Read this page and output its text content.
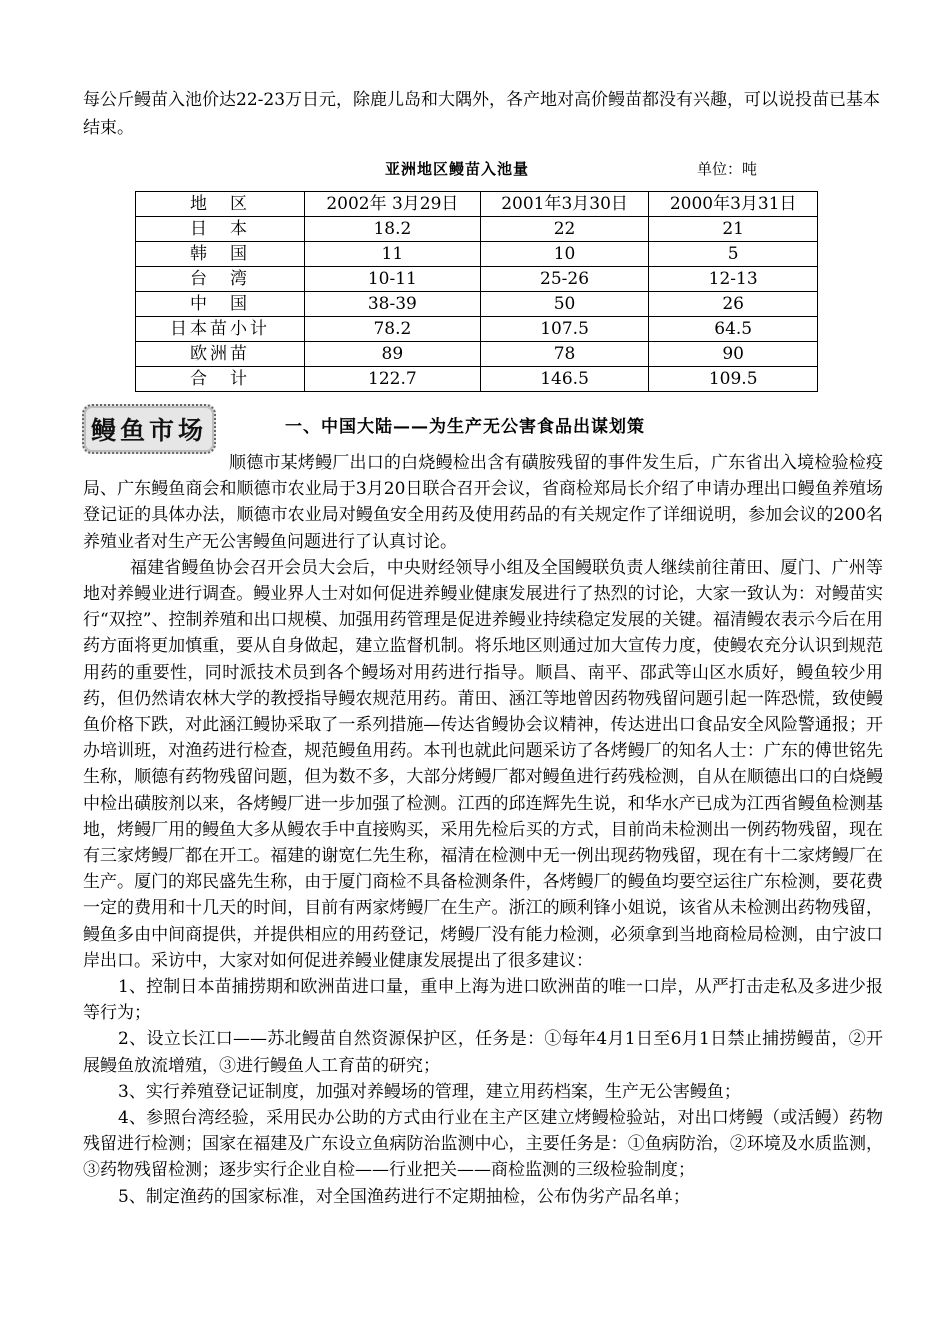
每公斤鳗苗入池价达22-23万日元，除鹿儿岛和大隅外，各产地对高价鳗苗都没有兴趣，可以说投苗已基本结束。

亚洲地区鳗苗入池量	单位：吨
地　区	2002年 3月29日	2001年3月30日	2000年3月31日
日　本	18.2	22	21
韩　国	11	10	5
台　湾	10-11	25-26	12-13
中　国	38-39	50	26
日本苗小计	78.2	107.5	64.5
欧洲苗	89	78	90
合　计	122.7	146.5	109.5
鳗鱼市场	一、中国大陆——为生产无公害食品出谋划策

顺德市某烤鳗厂出口的白烧鳗检出含有磺胺残留的事件发生后，广东省出入境检验检疫局、广东鳗鱼商会和顺德市农业局于3月20日联合召开会议，省商检郑局长介绍了申请办理出口鳗鱼养殖场登记证的具体办法，顺德市农业局对鳗鱼安全用药及使用药品的有关规定作了详细说明，参加会议的200名养殖业者对生产无公害鳗鱼问题进行了认真讨论。

福建省鳗鱼协会召开会员大会后，中央财经领导小组及全国鳗联负责人继续前往莆田、厦门、广州等地对养鳗业进行调查。鳗业界人士对如何促进养鳗业健康发展进行了热烈的讨论，大家一致认为：对鳗苗实行“双控”、控制养殖和出口规模、加强用药管理是促进养鳗业持续稳定发展的关键。福清鳗农表示今后在用药方面将更加慎重，要从自身做起，建立监督机制。将乐地区则通过加大宣传力度，使鳗农充分认识到规范用药的重要性，同时派技术员到各个鳗场对用药进行指导。顺昌、南平、邵武等山区水质好，鳗鱼较少用药，但仍然请农林大学的教授指导鳗农规范用药。莆田、涵江等地曾因药物残留问题引起一阵恐慌，致使鳗鱼价格下跌，对此涵江鳗协采取了一系列措施—传达省鳗协会议精神，传达进出口食品安全风险警通报；开办培训班，对渔药进行检查，规范鳗鱼用药。本刊也就此问题采访了各烤鳗厂的知名人士：广东的傅世铭先生称，顺德有药物残留问题，但为数不多，大部分烤鳗厂都对鳗鱼进行药残检测，自从在顺德出口的白烧鳗中检出磺胺剂以来，各烤鳗厂进一步加强了检测。江西的邱连辉先生说，和华水产已成为江西省鳗鱼检测基地，烤鳗厂用的鳗鱼大多从鳗农手中直接购买，采用先检后买的方式，目前尚未检测出一例药物残留，现在有三家烤鳗厂都在开工。福建的谢宽仁先生称，福清在检测中无一例出现药物残留，现在有十二家烤鳗厂在生产。厦门的郑民盛先生称，由于厦门商检不具备检测条件，各烤鳗厂的鳗鱼均要空运往广东检测，要花费一定的费用和十几天的时间，目前有两家烤鳗厂在生产。浙江的顾利锋小姐说，该省从未检测出药物残留，鳗鱼多由中间商提供，并提供相应的用药登记，烤鳗厂没有能力检测，必须拿到当地商检局检测，由宁波口岸出口。采访中，大家对如何促进养鳗业健康发展提出了很多建议：

1、控制日本苗捕捞期和欧洲苗进口量，重申上海为进口欧洲苗的唯一口岸，从严打击走私及多进少报等行为；

2、设立长江口——苏北鳗苗自然资源保护区，任务是：①每年4月1日至6月1日禁止捕捞鳗苗，②开展鳗鱼放流增殖，③进行鳗鱼人工育苗的研究；

3、实行养殖登记证制度，加强对养鳗场的管理，建立用药档案，生产无公害鳗鱼；

4、参照台湾经验，采用民办公助的方式由行业在主产区建立烤鳗检验站，对出口烤鳗（或活鳗）药物残留进行检测；国家在福建及广东设立鱼病防治监测中心，主要任务是：①鱼病防治，②环境及水质监测，③药物残留检测；逐步实行企业自检——行业把关——商检监测的三级检验制度；

5、制定渔药的国家标准，对全国渔药进行不定期抽检，公布伪劣产品名单；
